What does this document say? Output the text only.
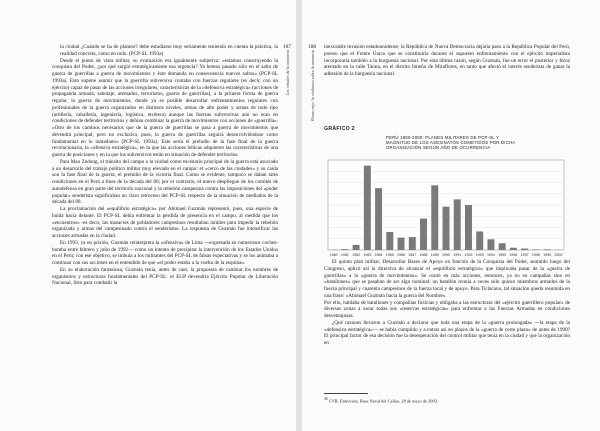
187
Los rituales de la memoria

la ciudad ¿Cuándo se ha de planear? debe estudiarse muy seriamente teniendo en cuenta la práctica, la realidad concreta, como en todo. (PCP-SL 1993a)

Desde el punto de vista militar, su evaluación era igualmente subjetiva: «estamos construyendo la conquista del Poder, ¿por qué surgió estratégicamente esa urgencia? Ya hemos pasado sólo en el salto de guerra de guerrillas a guerra de movimientos y éste demanda en consecuencia nuevos saltos» (PCP-SL 1993a). Esto supone asumir que la guerrilla subversiva contaba con fuerzas regulares (es decir, con un ejército) capaz de pasar de las acciones irregulares, características de la «defensiva estratégica» (acciones de propaganda armada, sabotaje, atentados, terrorismo, guerra de guerrillas), a la primera forma de guerra regular, la guerra de movimientos, donde ya es posible desarrollar enfrentamientos regulares con profesionales de la guerra organizados en distintos niveles, armas de alto poder y armas de todo tipo (artillería, caballería, ingeniería, logística, etcétera) aunque las fuerzas subversivas aún no eran en condiciones de defender territorios y debían combinar la guerra de movimientos con acciones de «guerrilla». «Otro de los cambios necesarios que de la guerra de guerrillas se pasa a guerra de movimientos que devendrá principal, pero no exclusiva, pues, la guerra de guerrillas seguirá desenvolviéndose como fundamental en lo inmediato» (PCP-SL 1993a). Este sería el preludio de la fase final de la guerra revolucionaria, la «ofensiva estratégica», en la que las acciones bélicas adquieren las características de una guerra de posiciones y en la que los subversivos están en situación de defender territorios.

Para Mao Zedong, el tránsito del campo a la ciudad como escenario principal de la guerra está asociado a un desarrollo del trabajo político militar muy elevado en el campo: el «cerco de las ciudades» y su caída son la fase final de la guerra, el preludio de la victoria final. Como se evidente, tampoco se daban tales condiciones en el Perú a fines de la década del 80; por el contrario, el nuevo despliegue de los comités de autodefensa en gran parte del territorio nacional y la rebelión campesina contra las imposiciones del «poder popular» senderista significaban un claro retroceso del PCP-SL respecto de la situación de mediados de la década del 80.

La proclamación del «equilibrio estratégico» por Abimael Guzmán representó, pues, una especie de huida hacia delante. El PCP-SL debía enfrentar la pérdida de presencia en el campo, al medida que los «encuentros» -es decir, las masacres de pobladores campesinos resultaban inútiles para impedir la rebelión organizada y armas del campesinado contra el senderismo. La respuesta de Guzmán fue intensificar las acciones armadas en la ciudad.

En 1993, ya en prisión, Guzmán reinterpreta la «ofensiva» de Lima —expresada en numerosos coches-bomba entre febrero y julio de 1992— como un intento de precipitar la intervención de los Estados Unidos en el Perú; con ese objetivo, se imbuía a los militantes del PCP-SL de falsas expectativas y se los animaba a continuar con sus acciones en el entendido de que «el poder estaba a la vuelta de la esquina».

En su elaboración fantasiosa, Guzmán tenía, antes de caer, la propuesta de cambiar los nombres de organismos y estructuras fundamentales del PCP-SL: el EGP devendría Ejército Popular de Liberación Nacional, listo para combatir la

188
Plomo rojo: la violencia sobre la memoria

inexorable invasión estadounidense; la República de Nueva Democracia dejaría paso a la República Popular del Perú, puesto que el Frente Único que se constituiría durante el supuesto enfrentamiento con el ejército imperialista incorporaría también a la burguesía nacional. Por esta última razón, según Guzmán, fue un error el posterior y feroz atentado en la calle Tarata, en el distrito limeño de Miraflores, en tanto que afectó el interés senderista de ganar la adhesión de la burguesía nacional.

GRÁFICO 2
PERÚ 1980-2000: PLANES MILITARES DE PCP-SL Y MAGNITUD DE LOS ASESINATOS COMETIDOS POR DICHA ORGANIZACIÓN SEGÚN AÑO DE OCURRENCIA
1980 1981 1982 1983 1984 1985 1986 1987 1988 1989 1990 1991 1992 1993 1994 1995 1996 1997 1998 1999 2000

El quinto plan militar, Desarrollar Bases de Apoyo en función de la Conquista del Poder, asumido luego del Congreso, aplicó así la directiva de alcanzar el «equilibrio estratégico» que implicaba pasar de la «guerra de guerrillas» a la «guerra de movimientos». Se contó en más acciones, entonces, ya no en campañas sino en «batallones» que se pasaban de ser algo nominal: un batallón reunía a veces sólo quince miembros armados de la fuerza principal y cuarenta campesinos de la fuerza local y de apoyo. Para Ticlacanu, tal situación queda resumida en una frase: «Abimael Guzmán hacía la guerra del Nombre».

Por ello, hablaba de batallones y compañías ficticias y obligaba a las estructuras del «ejército guerrillero popular» de diversas zonas a sacar todas sus «reservas estratégicas» para enfrentar a las Fuerzas Armadas en condiciones desventajosas.

¿Qué razones llevaron a Guzmán a declarar que toda una etapa de la «guerra prolongada» —la etapa de la «defensiva estratégica»— se había cumplido y a entrar así en plazos de la «guerra de corto plazo» de antes de 1990? El principal factor de esa decisión fue la desesperación del control militar que tenía en la ciudad y que la organización en

$^{36}$ CVR. Entrevista. Base Naval del Callao, 28 de mayo de 2003.
